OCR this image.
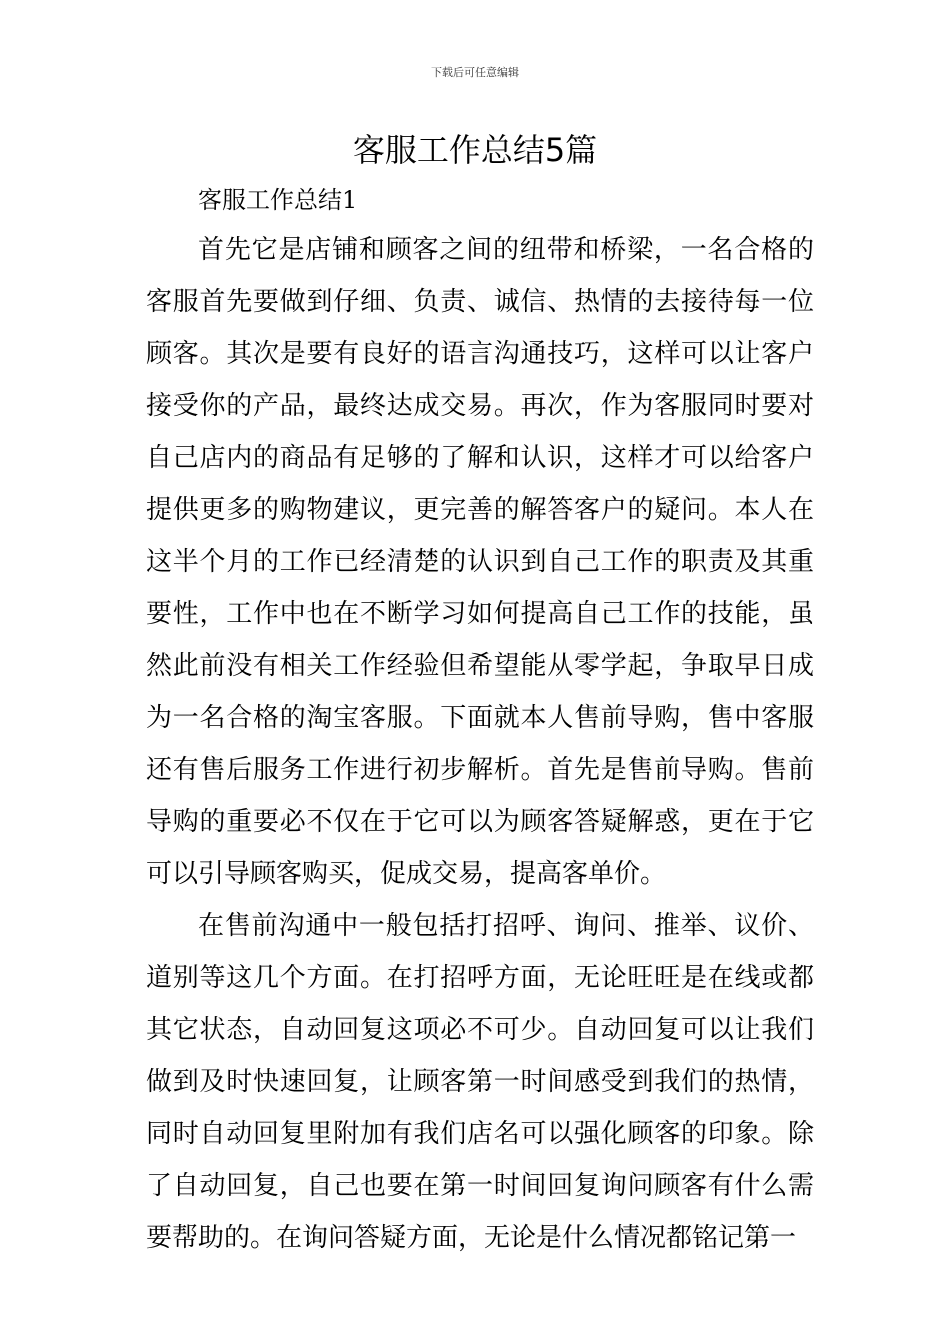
下载后可任意编辑
客服工作总结5篇
客服工作总结1

首先它是店铺和顾客之间的纽带和桥梁，一名合格的客服首先要做到仔细、负责、诚信、热情的去接待每一位顾客。其次是要有良好的语言沟通技巧，这样可以让客户接受你的产品，最终达成交易。再次，作为客服同时要对自己店内的商品有足够的了解和认识，这样才可以给客户提供更多的购物建议，更完善的解答客户的疑问。本人在这半个月的工作已经清楚的认识到自己工作的职责及其重要性，工作中也在不断学习如何提高自己工作的技能，虽然此前没有相关工作经验但希望能从零学起，争取早日成为一名合格的淘宝客服。下面就本人售前导购，售中客服还有售后服务工作进行初步解析。首先是售前导购。售前导购的重要必不仅在于它可以为顾客答疑解惑，更在于它可以引导顾客购买，促成交易，提高客单价。

在售前沟通中一般包括打招呼、询问、推举、议价、道别等这几个方面。在打招呼方面，无论旺旺是在线或都其它状态，自动回复这项必不可少。自动回复可以让我们做到及时快速回复，让顾客第一时间感受到我们的热情，同时自动回复里附加有我们店名可以强化顾客的印象。除了自动回复，自己也要在第一时间回复询问顾客有什么需要帮助的。在询问答疑方面，无论是什么情况都铭记第一
